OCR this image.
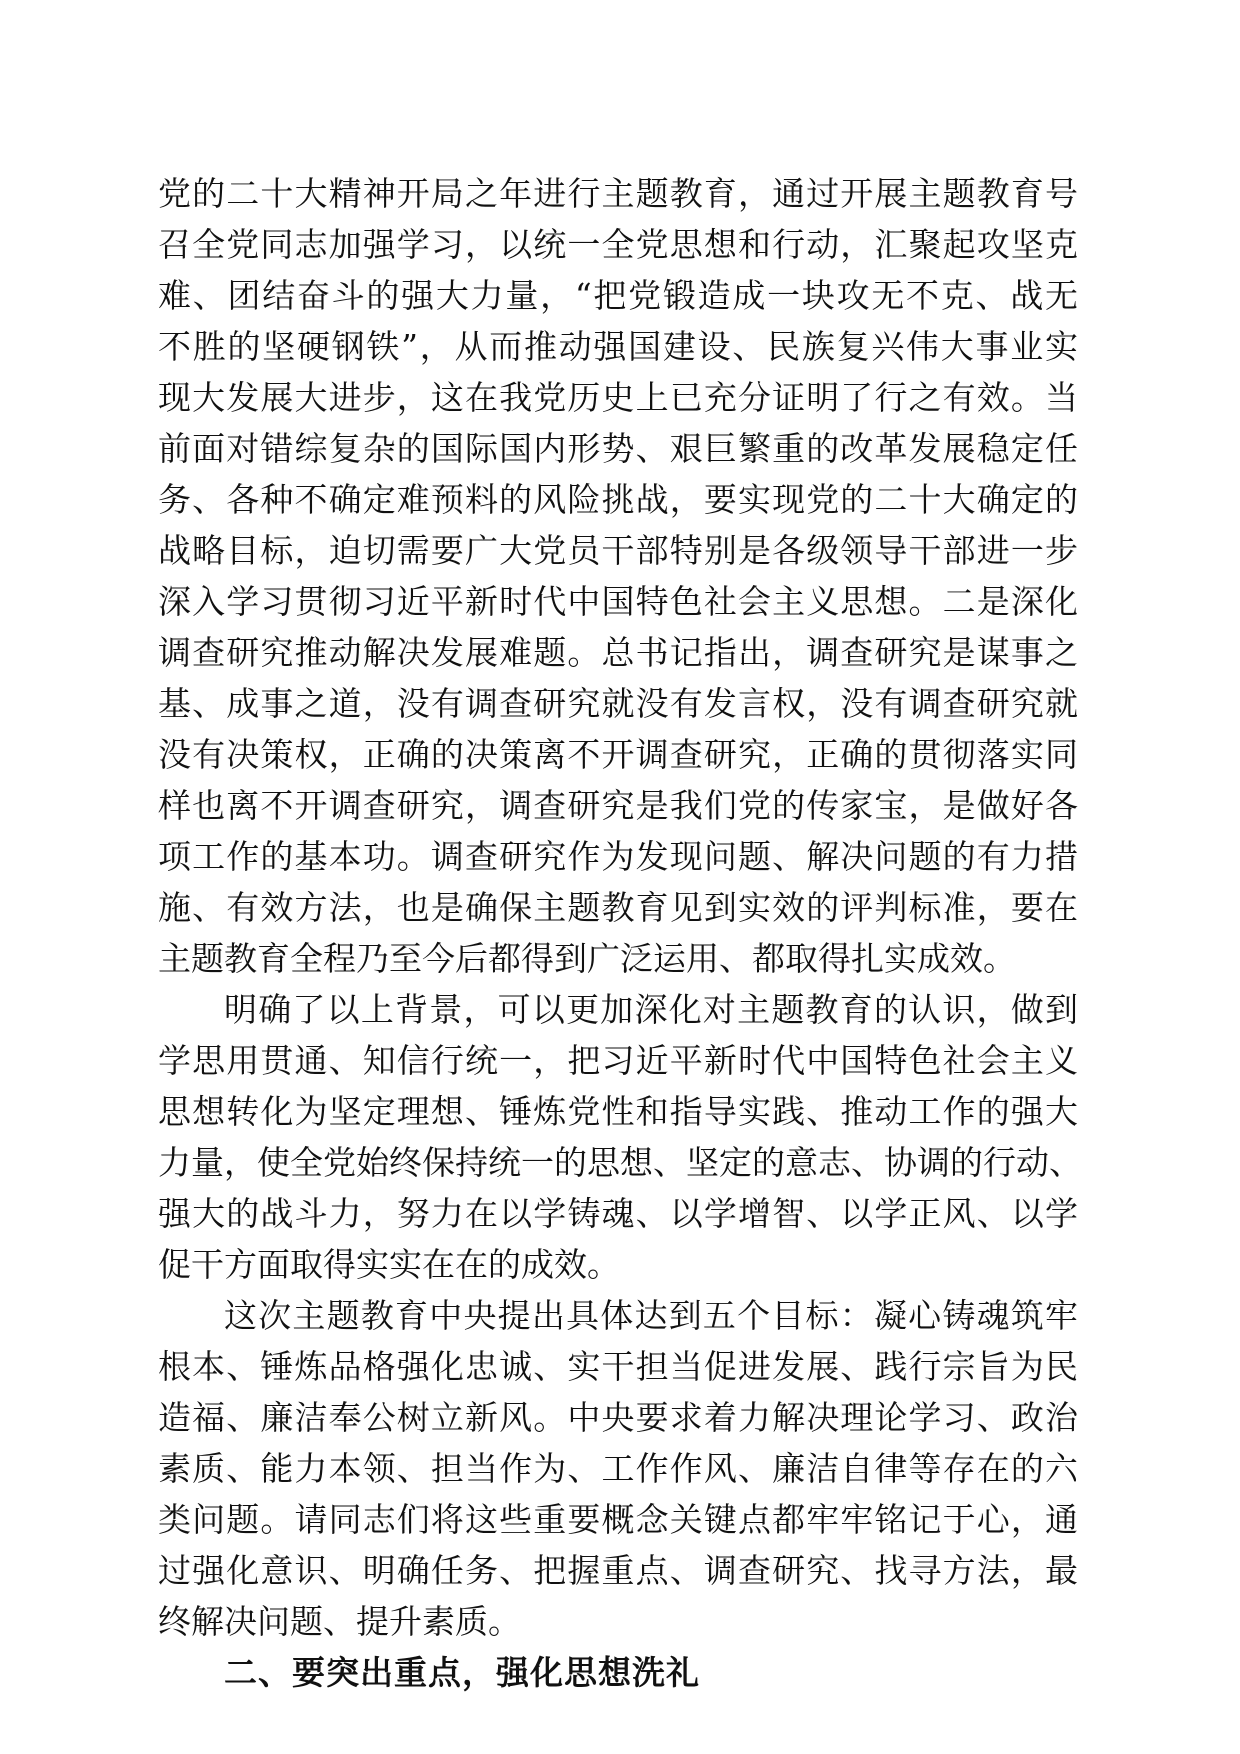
党的二十大精神开局之年进行主题教育，通过开展主题教育号
召全党同志加强学习，以统一全党思想和行动，汇聚起攻坚克
难、团结奋斗的强大力量，“把党锻造成一块攻无不克、战无
不胜的坚硬钢铁”，从而推动强国建设、民族复兴伟大事业实
现大发展大进步，这在我党历史上已充分证明了行之有效。当
前面对错综复杂的国际国内形势、艰巨繁重的改革发展稳定任
务、各种不确定难预料的风险挑战，要实现党的二十大确定的
战略目标，迫切需要广大党员干部特别是各级领导干部进一步
深入学习贯彻习近平新时代中国特色社会主义思想。二是深化
调查研究推动解决发展难题。总书记指出，调查研究是谋事之
基、成事之道，没有调查研究就没有发言权，没有调查研究就
没有决策权，正确的决策离不开调查研究，正确的贯彻落实同
样也离不开调查研究，调查研究是我们党的传家宝，是做好各
项工作的基本功。调查研究作为发现问题、解决问题的有力措
施、有效方法，也是确保主题教育见到实效的评判标准，要在
主题教育全程乃至今后都得到广泛运用、都取得扎实成效。
明确了以上背景，可以更加深化对主题教育的认识，做到
学思用贯通、知信行统一，把习近平新时代中国特色社会主义
思想转化为坚定理想、锤炼党性和指导实践、推动工作的强大
力量，使全党始终保持统一的思想、坚定的意志、协调的行动、
强大的战斗力，努力在以学铸魂、以学增智、以学正风、以学
促干方面取得实实在在的成效。
这次主题教育中央提出具体达到五个目标：凝心铸魂筑牢
根本、锤炼品格强化忠诚、实干担当促进发展、践行宗旨为民
造福、廉洁奉公树立新风。中央要求着力解决理论学习、政治
素质、能力本领、担当作为、工作作风、廉洁自律等存在的六
类问题。请同志们将这些重要概念关键点都牢牢铭记于心，通
过强化意识、明确任务、把握重点、调查研究、找寻方法，最
终解决问题、提升素质。
二、要突出重点，强化思想洗礼
